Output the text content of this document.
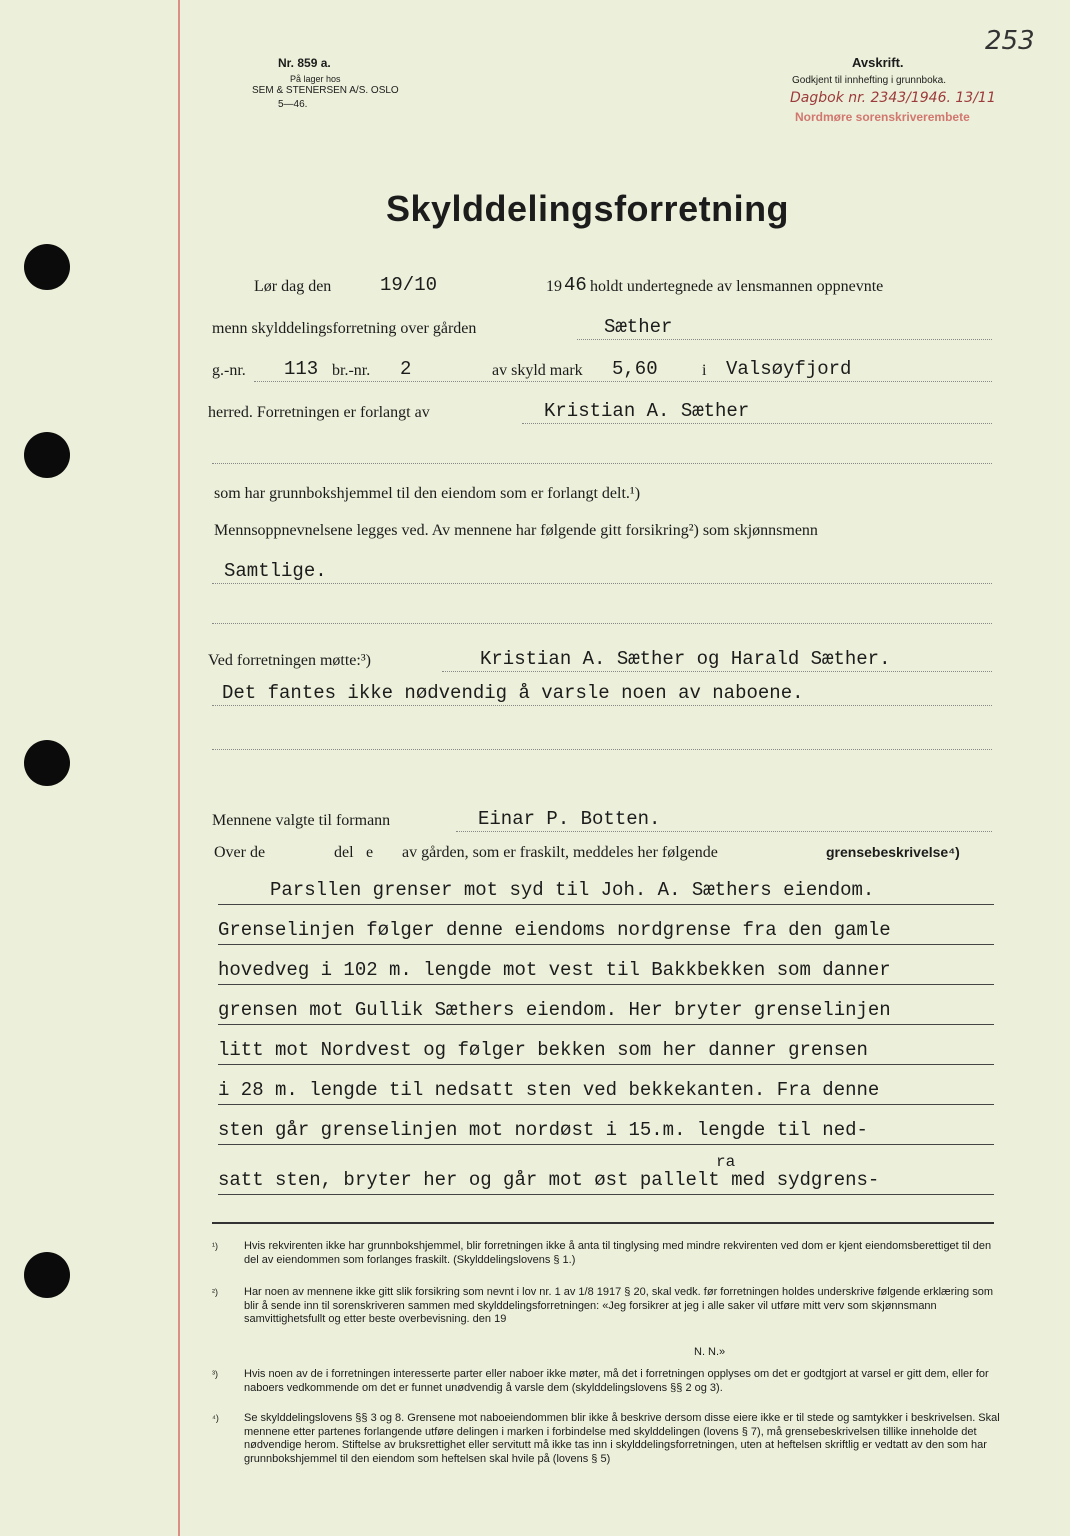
Nr. 859 a.
På lager hos
SEM & STENERSEN A/S. OSLO
5—46.
Avskrift.
Godkjent til innhefting i grunnboka.
Dagbok nr. 2343/1946. 13/11
Nordmøre sorenskriverembete
253
Skylddelingsforretning
Lør dag den	19/10	19 46 holdt undertegnede av lensmannen oppnevnte
menn skylddelingsforretning over gården	Sæther
g.-nr. 113 br.-nr. 2	av skyld mark 5,60	i Valsøyfjord
herred. Forretningen er forlangt av	Kristian A. Sæther
som har grunnbokshjemmel til den eiendom som er forlangt delt.¹)
Mennsoppnevnelsene legges ved. Av mennene har følgende gitt forsikring²) som skjønnsmenn
Samtlige.
Ved forretningen møtte:³)	Kristian A. Sæther og Harald Sæther.
Det fantes ikke nødvendig å varsle noen av naboene.
Mennene valgte til formann	Einar P. Botten.
Over de	del e av gården, som er fraskilt, meddeles her følgende	grensebeskrivelse⁴)
Parsllen grenser mot syd til Joh. A. Sæthers eiendom.
Grenselinjen følger denne eiendoms nordgrense fra den gamle
hovedveg i 102 m. lengde mot vest til Bakkbekken som danner
grensen mot Gullik Sæthers eiendom. Her bryter grenselinjen
litt mot Nordvest og følger bekken som her danner grensen
i 28 m. lengde til nedsatt sten ved bekkekanten. Fra denne
sten går grenselinjen mot nordøst i 15.m. lengde til ned-
ra
satt sten, bryter her og går mot øst pallelt med sydgrens-
¹) Hvis rekvirenten ikke har grunnbokshjemmel, blir forretningen ikke å anta til tinglysing med mindre rekvirenten ved dom er kjent eiendomsberettiget til den del av eiendommen som forlanges fraskilt. (Skylddelingslovens § 1.)
²) Har noen av mennene ikke gitt slik forsikring som nevnt i lov nr. 1 av 1/8 1917 § 20, skal vedk. før forretningen holdes underskrive følgende erklæring som blir å sende inn til sorenskriveren sammen med skylddelingsforretningen: «Jeg forsikrer at jeg i alle saker vil utføre mitt verv som skjønnsmann samvittighetsfullt og etter beste overbevisning. den 19
N. N.»
³) Hvis noen av de i forretningen interesserte parter eller naboer ikke møter, må det i forretningen opplyses om det er godtgjort at varsel er gitt dem, eller for naboers vedkommende om det er funnet unødvendig å varsle dem (skylddelingslovens §§ 2 og 3).
⁴) Se skylddelingslovens §§ 3 og 8. Grensene mot naboeiendommen blir ikke å beskrive dersom disse eiere ikke er til stede og samtykker i beskrivelsen. Skal mennene etter partenes forlangende utføre delingen i marken i forbindelse med skylddelingen (lovens § 7), må grensebeskrivelsen tillike inneholde det nødvendige herom. Stiftelse av bruksrettighet eller servitutt må ikke tas inn i skylddelingsforretningen, uten at heftelsen skriftlig er vedtatt av den som har grunnbokshjemmel til den eiendom som heftelsen skal hvile på (lovens § 5)
